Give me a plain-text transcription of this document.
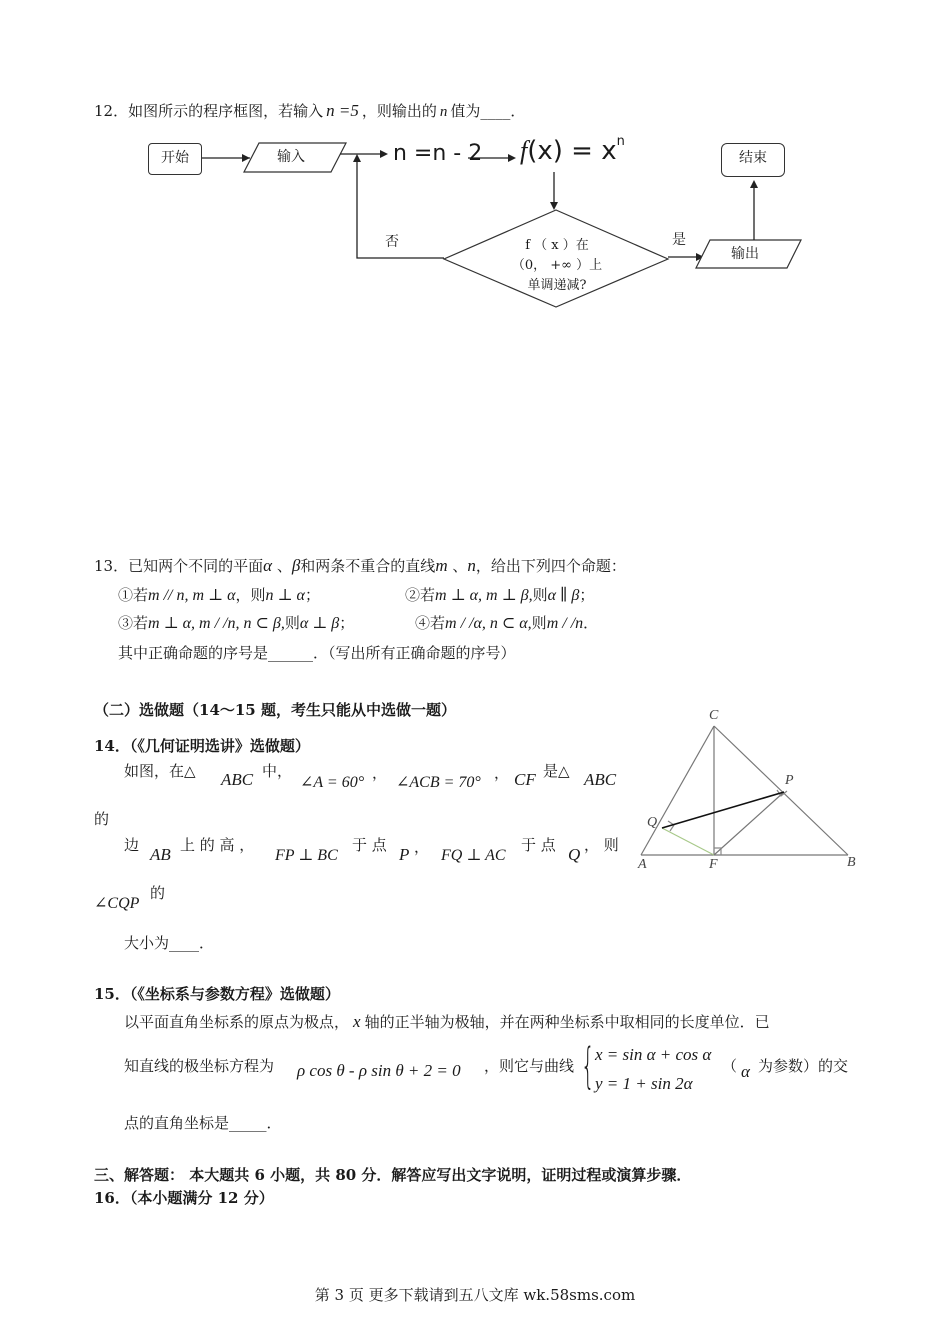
12．如图所示的程序框图，若输入 n =5 ，则输出的 n 值为____．
开始	输入	n =n - 2 $f(x) = x^n$
结束
否	是
输出
f （ x ）在
（0， +∞ ）上
单调递减?
13．已知两个不同的平面α 、β和两条不重合的直线m 、n，给出下列四个命题：
①若m // n, m ⊥ α，则n ⊥ α；	②若m ⊥ α, m ⊥ β,则α ∥ β；
③若m ⊥ α, m / /n, n ⊂ β,则α ⊥ β；	④若m / /α, n ⊂ α,则m / /n．
其中正确命题的序号是______．（写出所有正确命题的序号）
（二）选做题（14～15 题，考生只能从中选做一题）
14．（《几何证明选讲》选做题）
如图，在△ ABC 中，
∠A = 60°
，
∠ACB = 70°
， CF 是△ ABC
的
边 AB 上 的 高 ，
FP ⊥ BC
于 点 P ， FQ ⊥ AC
于 点 Q ， 则
∠CQP
的
大小为____．
C
P
Q
A	F	B
15．（《坐标系与参数方程》选做题）
以平面直角坐标系的原点为极点， x 轴的正半轴为极轴，并在两种坐标系中取相同的长度单位．已
知直线的极坐标方程为 ρ cos θ - ρ sin θ + 2 = 0 ，则它与曲线 { x = sin α + cos α
y = 1 + sin 2α
（ α 为参数）的交
点的直角坐标是_____．
三、解答题： 本大题共 6 小题，共 80 分．解答应写出文字说明，证明过程或演算步骤．
16．（本小题满分 12 分）
第 3 页 更多下载请到五八文库 wk.58sms.com
